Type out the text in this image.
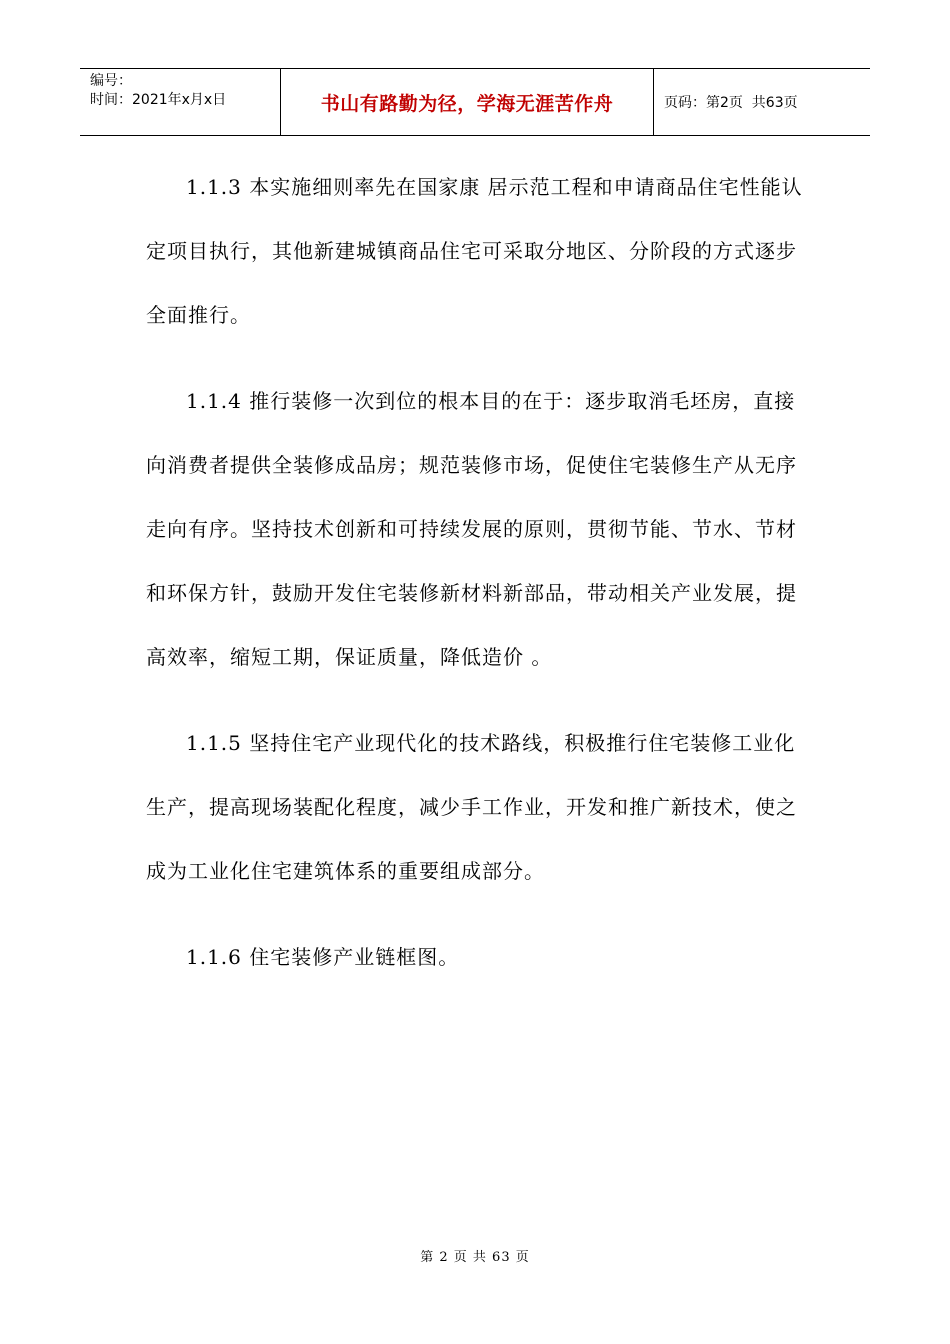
编号：
时间：2021年x月x日	书山有路勤为径，学海无涯苦作舟	页码：第2页  共63页

1.1.3 本实施细则率先在国家康 居示范工程和申请商品住宅性能认定项目执行，其他新建城镇商品住宅可采取分地区、分阶段的方式逐步全面推行。

1.1.4 推行装修一次到位的根本目的在于：逐步取消毛坯房，直接向消费者提供全装修成品房；规范装修市场，促使住宅装修生产从无序走向有序。坚持技术创新和可持续发展的原则，贯彻节能、节水、节材和环保方针，鼓励开发住宅装修新材料新部品，带动相关产业发展，提高效率，缩短工期，保证质量，降低造价 。

1.1.5 坚持住宅产业现代化的技术路线，积极推行住宅装修工业化生产，提高现场装配化程度，减少手工作业，开发和推广新技术，使之成为工业化住宅建筑体系的重要组成部分。

1.1.6 住宅装修产业链框图。

第 2 页 共 63 页
